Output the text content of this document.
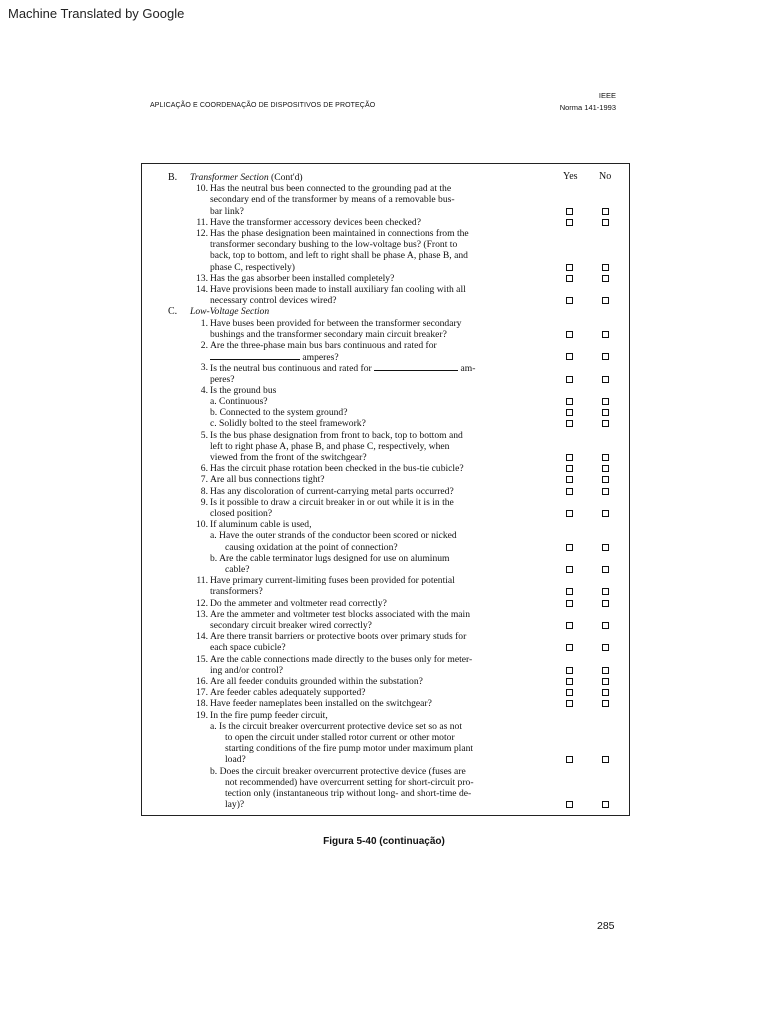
Machine Translated by Google
APLICAÇÃO E COORDENAÇÃO DE DISPOSITIVOS DE PROTEÇÃO
IEEE
Norma 141-1993
Yes No
B. Transformer Section (Cont'd)
10. Has the neutral bus been connected to the grounding pad at the
secondary end of the transformer by means of a removable bus-
bar link?
11. Have the transformer accessory devices been checked?
12. Has the phase designation been maintained in connections from the
transformer secondary bushing to the low-voltage bus? (Front to
back, top to bottom, and left to right shall be phase A, phase B, and
phase C, respectively)
13. Has the gas absorber been installed completely?
14. Have provisions been made to install auxiliary fan cooling with all
necessary control devices wired?
C. Low-Voltage Section
1. Have buses been provided for between the transformer secondary
bushings and the transformer secondary main circuit breaker?
2. Are the three-phase main bus bars continuous and rated for
amperes?
3. Is the neutral bus continuous and rated for	am-
peres?
4. Is the ground bus
a. Continuous?
b. Connected to the system ground?
c. Solidly bolted to the steel framework?
5. Is the bus phase designation from front to back, top to bottom and
left to right phase A, phase B, and phase C, respectively, when
viewed from the front of the switchgear?
6. Has the circuit phase rotation been checked in the bus-tie cubicle?
7. Are all bus connections tight?
8. Has any discoloration of current-carrying metal parts occurred?
9. Is it possible to draw a circuit breaker in or out while it is in the
closed position?
10. If aluminum cable is used,
a. Have the outer strands of the conductor been scored or nicked
causing oxidation at the point of connection?
b. Are the cable terminator lugs designed for use on aluminum
cable?
11. Have primary current-limiting fuses been provided for potential
transformers?
12. Do the ammeter and voltmeter read correctly?
13. Are the ammeter and voltmeter test blocks associated with the main
secondary circuit breaker wired correctly?
14. Are there transit barriers or protective boots over primary studs for
each space cubicle?
15. Are the cable connections made directly to the buses only for meter-
ing and/or control?
16. Are all feeder conduits grounded within the substation?
17. Are feeder cables adequately supported?
18. Have feeder nameplates been installed on the switchgear?
19. In the fire pump feeder circuit,
a. Is the circuit breaker overcurrent protective device set so as not
to open the circuit under stalled rotor current or other motor
starting conditions of the fire pump motor under maximum plant
load?
b. Does the circuit breaker overcurrent protective device (fuses are
not recommended) have overcurrent setting for short-circuit pro-
tection only (instantaneous trip without long- and short-time de-
lay)?
Figura 5-40 (continuação)
285
